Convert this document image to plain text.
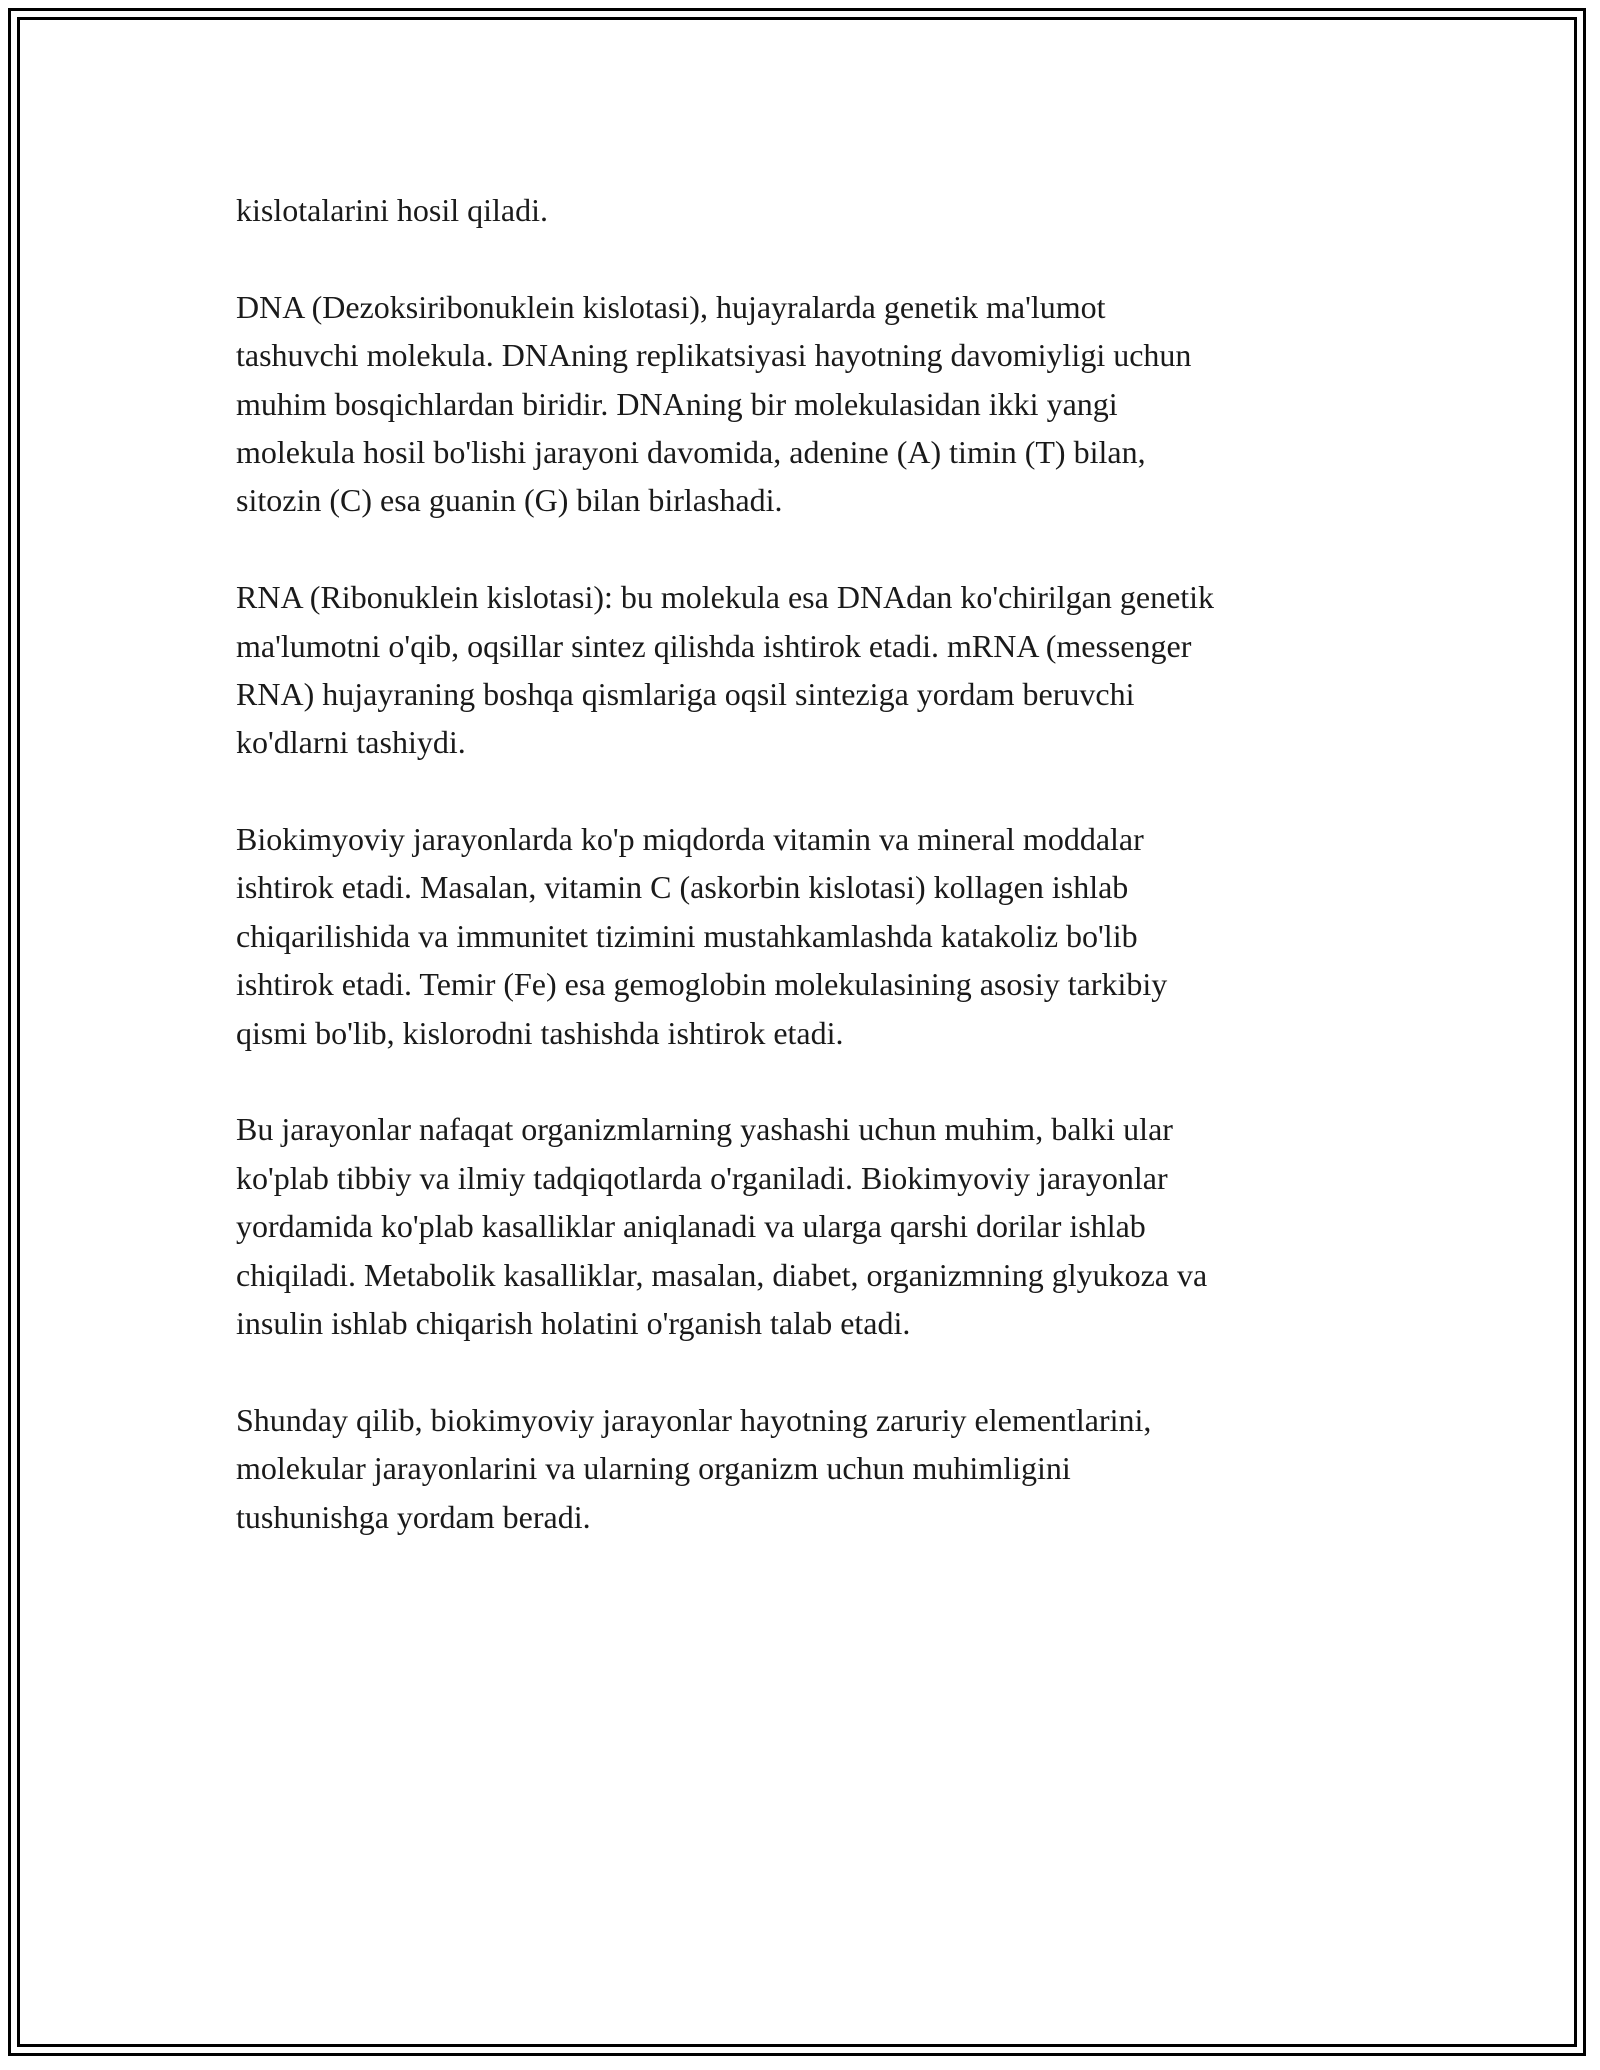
kislotalarini hosil qiladi.

DNA (Dezoksiribonuklein kislotasi), hujayralarda genetik ma'lumot
tashuvchi molekula. DNAning replikatsiyasi hayotning davomiyligi uchun
muhim bosqichlardan biridir. DNAning bir molekulasidan ikki yangi
molekula hosil bo'lishi jarayoni davomida, adenine (A) timin (T) bilan,
sitozin (C) esa guanin (G) bilan birlashadi.

RNA (Ribonuklein kislotasi): bu molekula esa DNAdan ko'chirilgan genetik
ma'lumotni o'qib, oqsillar sintez qilishda ishtirok etadi. mRNA (messenger
RNA) hujayraning boshqa qismlariga oqsil sinteziga yordam beruvchi
ko'dlarni tashiydi.

Biokimyoviy jarayonlarda ko'p miqdorda vitamin va mineral moddalar
ishtirok etadi. Masalan, vitamin C (askorbin kislotasi) kollagen ishlab
chiqarilishida va immunitet tizimini mustahkamlashda katakoliz bo'lib
ishtirok etadi. Temir (Fe) esa gemoglobin molekulasining asosiy tarkibiy
qismi bo'lib, kislorodni tashishda ishtirok etadi.

Bu jarayonlar nafaqat organizmlarning yashashi uchun muhim, balki ular
ko'plab tibbiy va ilmiy tadqiqotlarda o'rganiladi. Biokimyoviy jarayonlar
yordamida ko'plab kasalliklar aniqlanadi va ularga qarshi dorilar ishlab
chiqiladi. Metabolik kasalliklar, masalan, diabet, organizmning glyukoza va
insulin ishlab chiqarish holatini o'rganish talab etadi.

Shunday qilib, biokimyoviy jarayonlar hayotning zaruriy elementlarini,
molekular jarayonlarini va ularning organizm uchun muhimligini
tushunishga yordam beradi.
